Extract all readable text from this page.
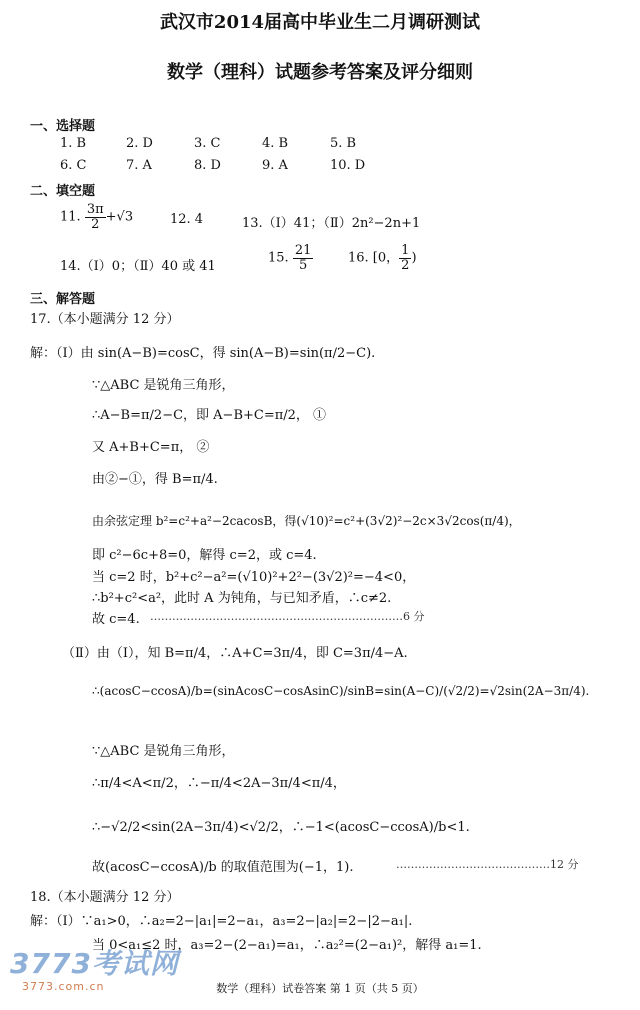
武汉市2014届高中毕业生二月调研测试
数学（理科）试题参考答案及评分细则
一、选择题
1. B	2. D	3. C	4. B	5. B
6. C	7. A	8. D	9. A	10. D
二、填空题
11. $\frac{3\pi}{2} +√3$	12. 4	13.（Ⅰ）41；（Ⅱ）2n²−2n+1
14.（Ⅰ）0；（Ⅱ）40 或 41
15. $\frac{21}{5}$	16. [0， $\frac{1}{2}$ )
三、解答题
17.（本小题满分 12 分）
解：（Ⅰ）由 sin(A−B)=cosC，得 sin(A−B)=sin(π/2−C).
∵△ABC 是锐角三角形，
∴A−B=π/2−C，即 A−B+C=π/2， ①
又 A+B+C=π， ②
由②−①，得 B=π/4.
由余弦定理 b²=c²+a²−2cacosB，得(√10)²=c²+(3√2)²−2c×3√2cos(π/4)，
即 c²−6c+8=0，解得 c=2，或 c=4.
当 c=2 时，b²+c²−a²=(√10)²+2²−(3√2)²=−4<0，
∴b²+c²<a²，此时 A 为钝角，与已知矛盾，∴c≠2.
故 c=4. ……………………………………………………………6 分
（Ⅱ）由（Ⅰ），知 B=π/4，∴A+C=3π/4，即 C=3π/4−A.
∴(acosC−ccosA)/b=(sinAcosC−cosAsinC)/sinB=sin(A−C)/(√2/2)=√2sin(2A−3π/4).
∵△ABC 是锐角三角形，
∴π/4<A<π/2，∴−π/4<2A−3π/4<π/4，
∴−√2/2<sin(2A−3π/4)<√2/2，∴−1<(acosC−ccosA)/b<1.
故(acosC−ccosA)/b 的取值范围为(−1，1).	……………………………………12 分
18.（本小题满分 12 分）
解：（Ⅰ）∵a₁>0，∴a₂=2−|a₁|=2−a₁，a₃=2−|a₂|=2−|2−a₁|.
当 0<a₁≤2 时，a₃=2−(2−a₁)=a₁，∴a₂²=(2−a₁)²，解得 a₁=1.
3773考试网
3773.com.cn	数学（理科）试卷答案 第 1 页（共 5 页）
